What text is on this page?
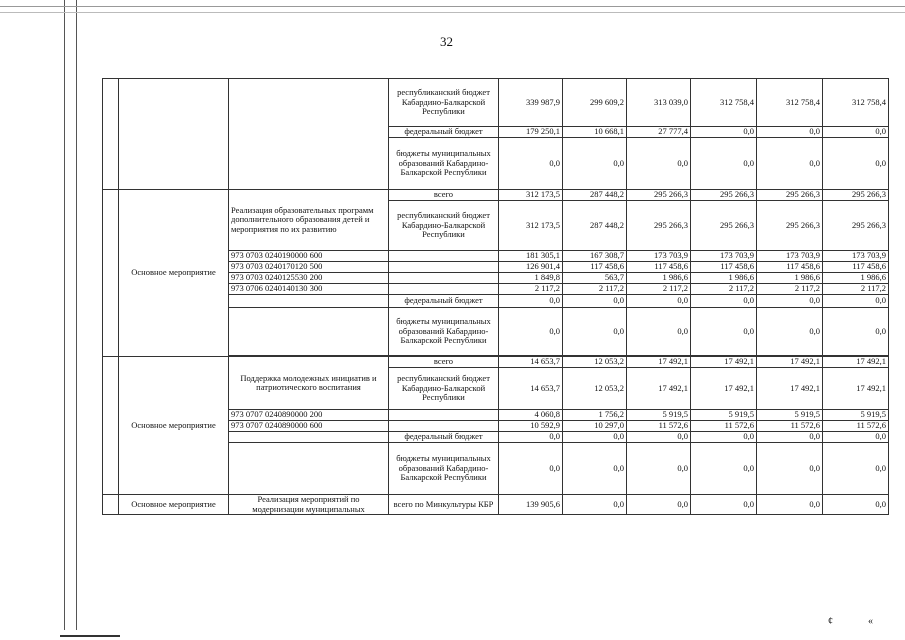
32
			республиканский бюджет Кабардино-Балкарской Республики	339 987,9	299 609,2	313 039,0	312 758,4	312 758,4	312 758,4
			федеральный бюджет	179 250,1	10 668,1	27 777,4	0,0	0,0	0,0
			бюджеты муниципальных образований Кабардино-Балкарской Республики	0,0	0,0	0,0	0,0	0,0	0,0
	Основное мероприятие	Реализация образовательных программ дополнительного образования детей и мероприятия по их развитию	всего	312 173,5	287 448,2	295 266,3	295 266,3	295 266,3	295 266,3
			республиканский бюджет Кабардино-Балкарской Республики	312 173,5	287 448,2	295 266,3	295 266,3	295 266,3	295 266,3
		973 0703 0240190000 600		181 305,1	167 308,7	173 703,9	173 703,9	173 703,9	173 703,9
		973 0703 0240170120 500		126 901,4	117 458,6	117 458,6	117 458,6	117 458,6	117 458,6
		973 0703 0240125530 200		1 849,8	563,7	1 986,6	1 986,6	1 986,6	1 986,6
		973 0706 0240140130 300		2 117,2	2 117,2	2 117,2	2 117,2	2 117,2	2 117,2
			федеральный бюджет	0,0	0,0	0,0	0,0	0,0	0,0
			бюджеты муниципальных образований Кабардино-Балкарской Республики	0,0	0,0	0,0	0,0	0,0	0,0

	Основное мероприятие	Поддержка молодежных инициатив и патриотического воспитания	всего	14 653,7	12 053,2	17 492,1	17 492,1	17 492,1	17 492,1
			республиканский бюджет Кабардино-Балкарской Республики	14 653,7	12 053,2	17 492,1	17 492,1	17 492,1	17 492,1
		973 0707 0240890000 200		4 060,8	1 756,2	5 919,5	5 919,5	5 919,5	5 919,5
		973 0707 0240890000 600		10 592,9	10 297,0	11 572,6	11 572,6	11 572,6	11 572,6
			федеральный бюджет	0,0	0,0	0,0	0,0	0,0	0,0
			бюджеты муниципальных образований Кабардино-Балкарской Республики	0,0	0,0	0,0	0,0	0,0	0,0
	Основное мероприятие	Реализация мероприятий по модернизации муниципальных	всего по Минкультуры КБР	139 905,6	0,0	0,0	0,0	0,0	0,0
¢	«
